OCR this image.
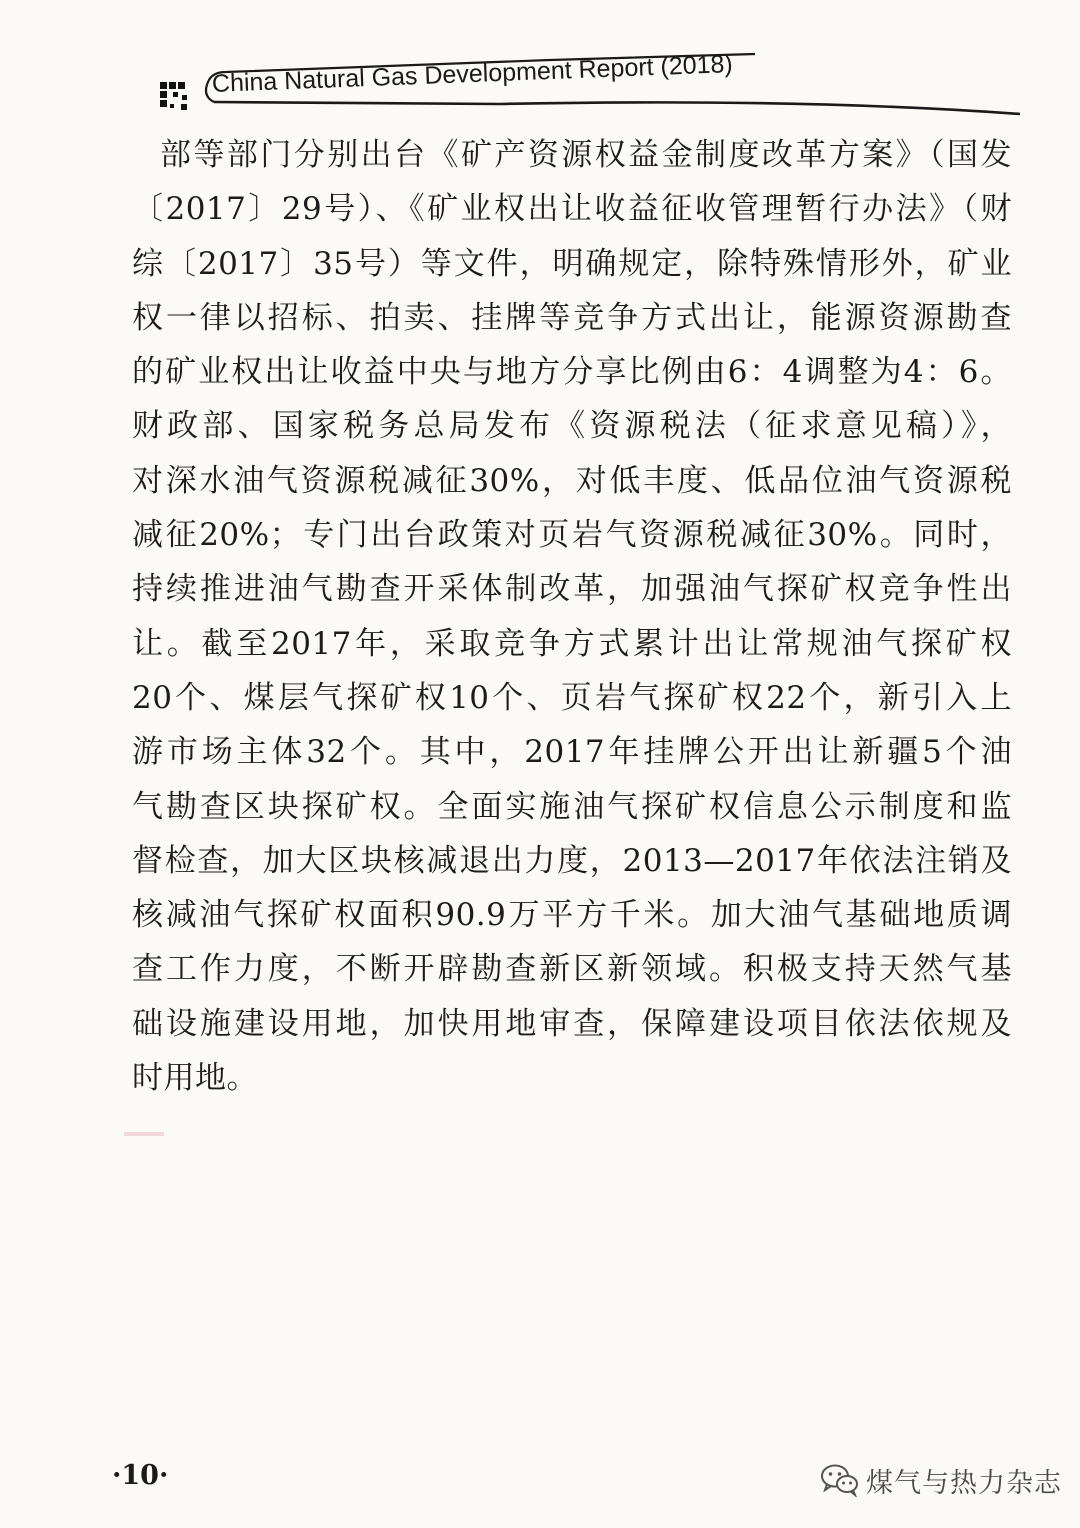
China Natural Gas Development Report (2018)
部等部门分别出台《矿产资源权益金制度改革方案》（国发
〔2017〕29号）、《矿业权出让收益征收管理暂行办法》（财
综〔2017〕35号）等文件，明确规定，除特殊情形外，矿业
权一律以招标、拍卖、挂牌等竞争方式出让，能源资源勘查
的矿业权出让收益中央与地方分享比例由6：4调整为4：6。
财政部、国家税务总局发布《资源税法（征求意见稿）》，
对深水油气资源税减征30%，对低丰度、低品位油气资源税
减征20%；专门出台政策对页岩气资源税减征30%。同时，
持续推进油气勘查开采体制改革，加强油气探矿权竞争性出
让。截至2017年，采取竞争方式累计出让常规油气探矿权
20个、煤层气探矿权10个、页岩气探矿权22个，新引入上
游市场主体32个。其中，2017年挂牌公开出让新疆5个油
气勘查区块探矿权。全面实施油气探矿权信息公示制度和监
督检查，加大区块核减退出力度，2013—2017年依法注销及
核减油气探矿权面积90.9万平方千米。加大油气基础地质调
查工作力度，不断开辟勘查新区新领域。积极支持天然气基
础设施建设用地，加快用地审查，保障建设项目依法依规及
时用地。
·10·	煤气与热力杂志
